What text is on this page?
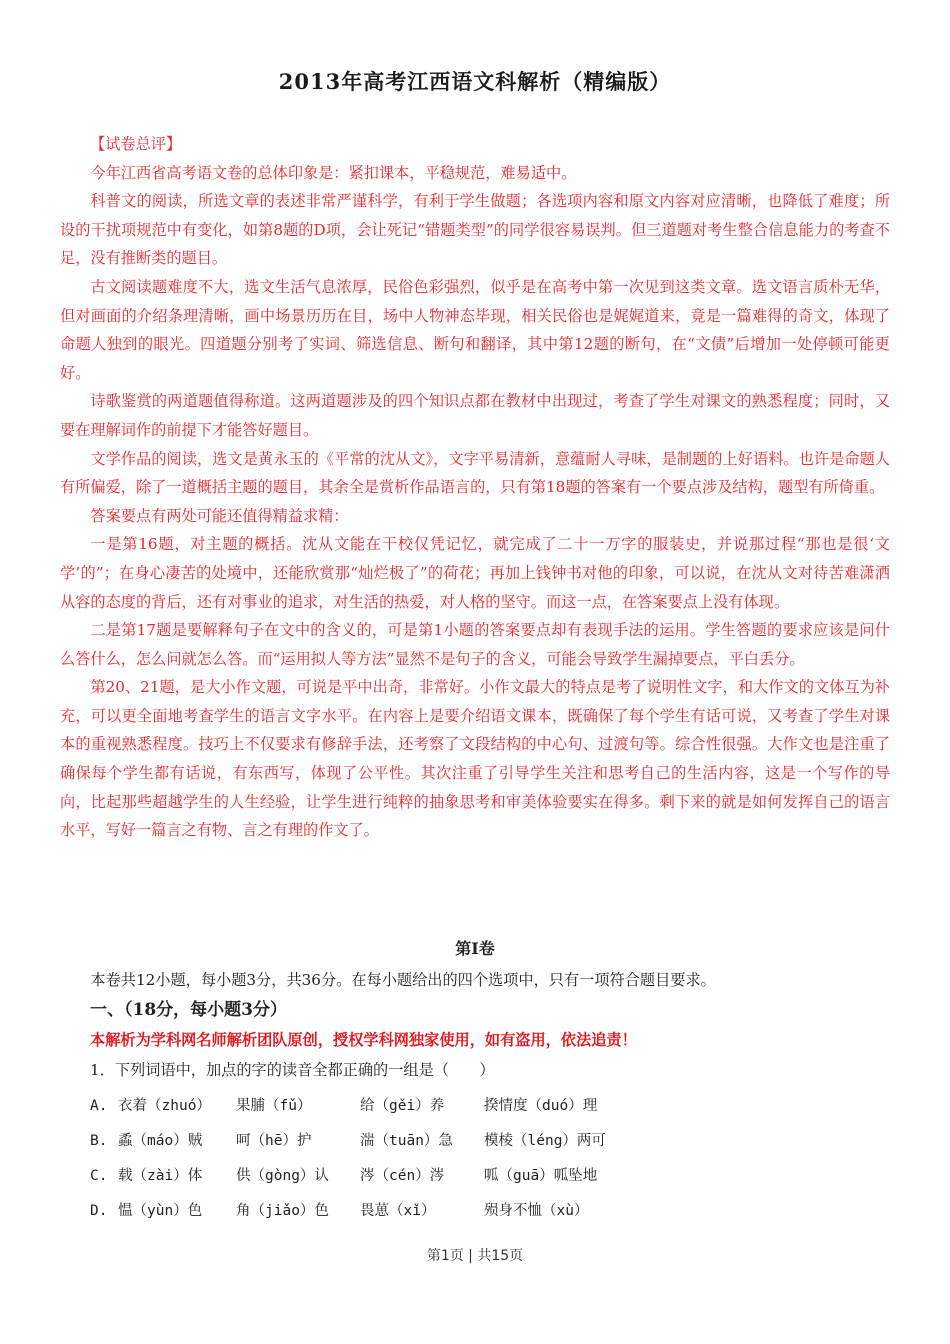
2013年高考江西语文科解析（精编版）

【试卷总评】

今年江西省高考语文卷的总体印象是：紧扣课本，平稳规范，难易适中。

科普文的阅读，所选文章的表述非常严谨科学，有利于学生做题；各选项内容和原文内容对应清晰，也降低了难度；所设的干扰项规范中有变化，如第8题的D项，会让死记“错题类型”的同学很容易误判。但三道题对考生整合信息能力的考查不足，没有推断类的题目。

古文阅读题难度不大，选文生活气息浓厚，民俗色彩强烈，似乎是在高考中第一次见到这类文章。选文语言质朴无华，但对画面的介绍条理清晰，画中场景历历在目，场中人物神态毕现，相关民俗也是娓娓道来，竟是一篇难得的奇文，体现了命题人独到的眼光。四道题分别考了实词、筛选信息、断句和翻译，其中第12题的断句，在“文债”后增加一处停顿可能更好。

诗歌鉴赏的两道题值得称道。这两道题涉及的四个知识点都在教材中出现过，考查了学生对课文的熟悉程度；同时，又要在理解词作的前提下才能答好题目。

文学作品的阅读，选文是黄永玉的《平常的沈从文》，文字平易清新，意蕴耐人寻味，是制题的上好语料。也许是命题人有所偏爱，除了一道概括主题的题目，其余全是赏析作品语言的，只有第18题的答案有一个要点涉及结构，题型有所倚重。

答案要点有两处可能还值得精益求精：

一是第16题，对主题的概括。沈从文能在干校仅凭记忆，就完成了二十一万字的服装史，并说那过程“那也是很‘文学’的”；在身心凄苦的处境中，还能欣赏那“灿烂极了”的荷花；再加上钱钟书对他的印象，可以说，在沈从文对待苦难潇洒从容的态度的背后，还有对事业的追求，对生活的热爱，对人格的坚守。而这一点，在答案要点上没有体现。

二是第17题是要解释句子在文中的含义的，可是第1小题的答案要点却有表现手法的运用。学生答题的要求应该是问什么答什么，怎么问就怎么答。而“运用拟人等方法”显然不是句子的含义，可能会导致学生漏掉要点，平白丢分。

第20、21题，是大小作文题，可说是平中出奇，非常好。小作文最大的特点是考了说明性文字，和大作文的文体互为补充，可以更全面地考查学生的语言文字水平。在内容上是要介绍语文课本，既确保了每个学生有话可说，又考查了学生对课本的重视熟悉程度。技巧上不仅要求有修辞手法，还考察了文段结构的中心句、过渡句等。综合性很强。大作文也是注重了确保每个学生都有话说，有东西写，体现了公平性。其次注重了引导学生关注和思考自己的生活内容，这是一个写作的导向，比起那些超越学生的人生经验，让学生进行纯粹的抽象思考和审美体验要实在得多。剩下来的就是如何发挥自己的语言水平，写好一篇言之有物、言之有理的作文了。

第I卷
本卷共12小题，每小题3分，共36分。在每小题给出的四个选项中，只有一项符合题目要求。
一、（18分，每小题3分）
本解析为学科网名师解析团队原创，授权学科网独家使用，如有盗用，依法追责！
1．下列词语中，加点的字的读音全都正确的一组是（　　）
A. 衣着（zhuó）	果脯（fǔ）	给（gěi）养	揆情度（duó）理
B. 蟊（máo）贼	呵（hē）护	湍（tuān）急	模棱（léng）两可
C. 载（zài）体	供（gòng）认	涔（cén）涔	呱（guā）呱坠地
D. 愠（yùn）色	角（jiǎo）色	畏葸（xǐ）	殒身不恤（xù）
第1页 | 共15页
